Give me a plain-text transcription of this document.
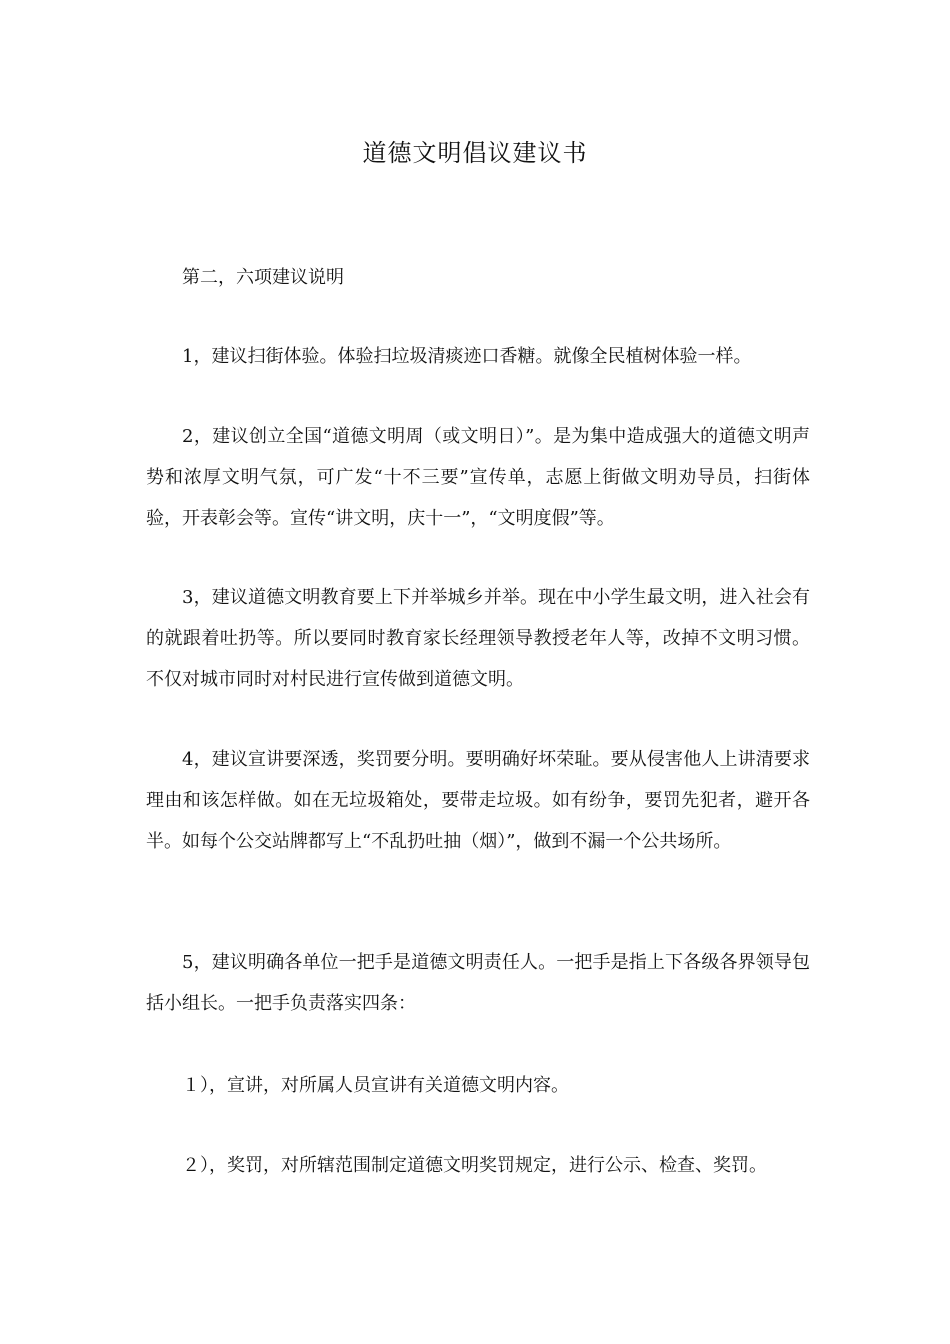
道德文明倡议建议书

第二，六项建议说明

1，建议扫街体验。体验扫垃圾清痰迹口香糖。就像全民植树体验一样。

2，建议创立全国“道德文明周（或文明日）”。是为集中造成强大的道德文明声势和浓厚文明气氛，可广发“十不三要”宣传单，志愿上街做文明劝导员，扫街体验，开表彰会等。宣传“讲文明，庆十一”，“文明度假”等。

3，建议道德文明教育要上下并举城乡并举。现在中小学生最文明，进入社会有的就跟着吐扔等。所以要同时教育家长经理领导教授老年人等，改掉不文明习惯。不仅对城市同时对村民进行宣传做到道德文明。

4，建议宣讲要深透，奖罚要分明。要明确好坏荣耻。要从侵害他人上讲清要求理由和该怎样做。如在无垃圾箱处，要带走垃圾。如有纷争，要罚先犯者，避开各半。如每个公交站牌都写上“不乱扔吐抽（烟）”，做到不漏一个公共场所。

5，建议明确各单位一把手是道德文明责任人。一把手是指上下各级各界领导包括小组长。一把手负责落实四条：

１），宣讲，对所属人员宣讲有关道德文明内容。

２），奖罚，对所辖范围制定道德文明奖罚规定，进行公示、检查、奖罚。
